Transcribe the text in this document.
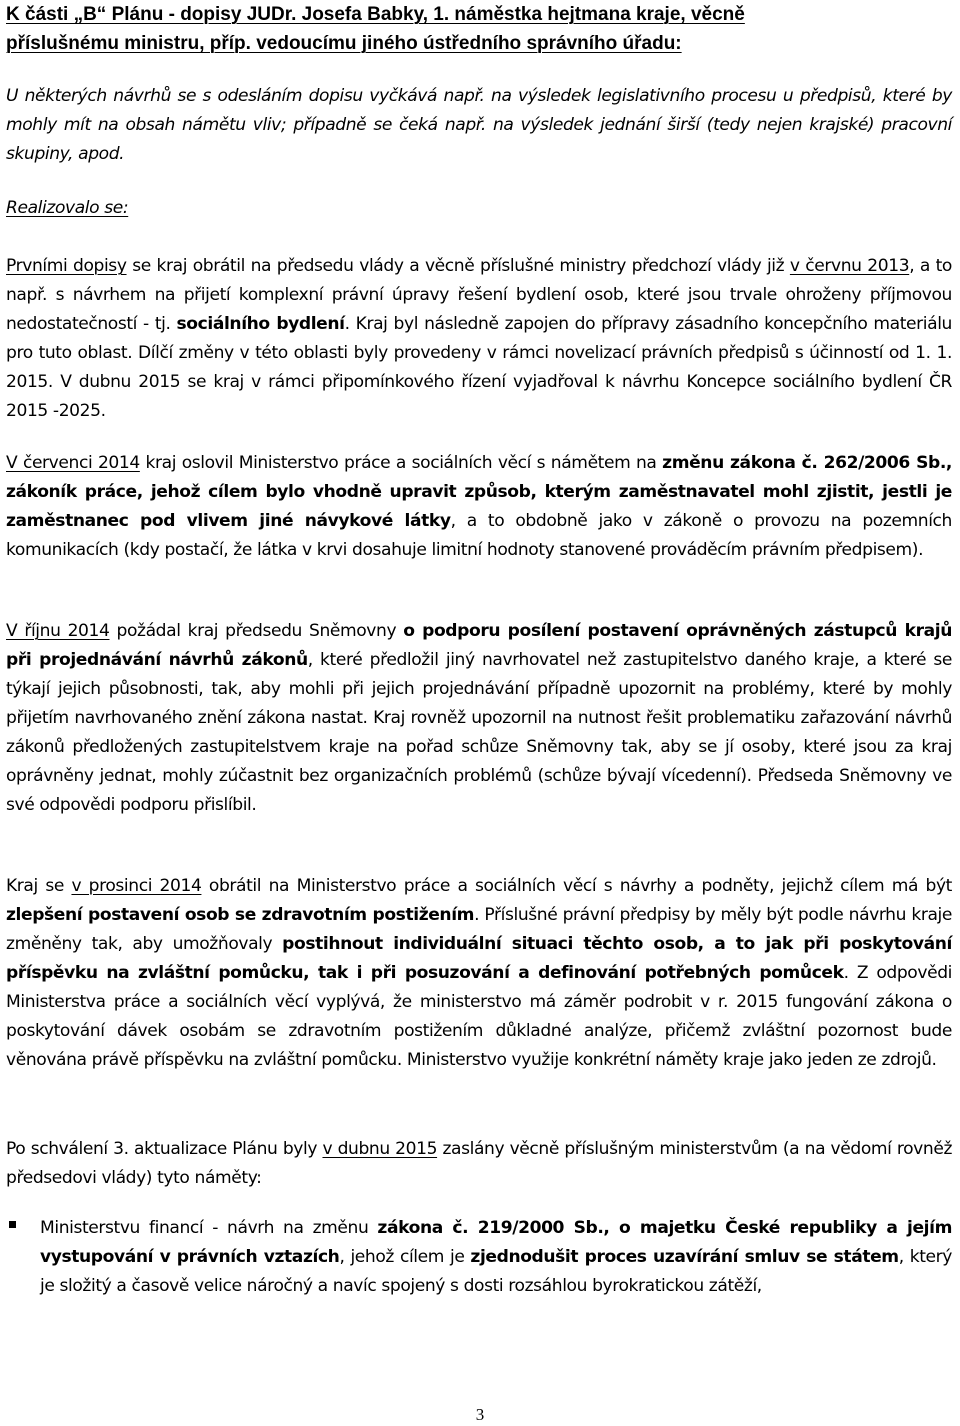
K části „B“ Plánu - dopisy JUDr. Josefa Babky, 1. náměstka hejtmana kraje, věcně
příslušnému ministru, příp. vedoucímu jiného ústředního správního úřadu:
U některých návrhů se s odesláním dopisu vyčkává např. na výsledek legislativního procesu u předpisů, které by mohly mít na obsah námětu vliv; případně se čeká např. na výsledek jednání širší (tedy nejen krajské) pracovní skupiny, apod.
Realizovalo se:
Prvními dopisy se kraj obrátil na předsedu vlády a věcně příslušné ministry předchozí vlády již v červnu 2013, a to např. s návrhem na přijetí komplexní právní úpravy řešení bydlení osob, které jsou trvale ohroženy příjmovou nedostatečností - tj. sociálního bydlení. Kraj byl následně zapojen do přípravy zásadního koncepčního materiálu pro tuto oblast. Dílčí změny v této oblasti byly provedeny v rámci novelizací právních předpisů s účinností od 1. 1. 2015. V dubnu 2015 se kraj v rámci připomínkového řízení vyjadřoval k návrhu Koncepce sociálního bydlení ČR 2015 -2025.
V červenci 2014 kraj oslovil Ministerstvo práce a sociálních věcí s námětem na změnu zákona č. 262/2006 Sb., zákoník práce, jehož cílem bylo vhodně upravit způsob, kterým zaměstnavatel mohl zjistit, jestli je zaměstnanec pod vlivem jiné návykové látky, a to obdobně jako v zákoně o provozu na pozemních komunikacích (kdy postačí, že látka v krvi dosahuje limitní hodnoty stanovené prováděcím právním předpisem).
V říjnu 2014 požádal kraj předsedu Sněmovny o podporu posílení postavení oprávněných zástupců krajů při projednávání návrhů zákonů, které předložil jiný navrhovatel než zastupitelstvo daného kraje, a které se týkají jejich působnosti, tak, aby mohli při jejich projednávání případně upozornit na problémy, které by mohly přijetím navrhovaného znění zákona nastat. Kraj rovněž upozornil na nutnost řešit problematiku zařazování návrhů zákonů předložených zastupitelstvem kraje na pořad schůze Sněmovny tak, aby se jí osoby, které jsou za kraj oprávněny jednat, mohly zúčastnit bez organizačních problémů (schůze bývají vícedenní). Předseda Sněmovny ve své odpovědi podporu přislíbil.
Kraj se v prosinci 2014 obrátil na Ministerstvo práce a sociálních věcí s návrhy a podněty, jejichž cílem má být zlepšení postavení osob se zdravotním postižením. Příslušné právní předpisy by měly být podle návrhu kraje změněny tak, aby umožňovaly postihnout individuální situaci těchto osob, a to jak při poskytování příspěvku na zvláštní pomůcku, tak i při posuzování a definování potřebných pomůcek. Z odpovědi Ministerstva práce a sociálních věcí vyplývá, že ministerstvo má záměr podrobit v r. 2015 fungování zákona o poskytování dávek osobám se zdravotním postižením důkladné analýze, přičemž zvláštní pozornost bude věnována právě příspěvku na zvláštní pomůcku. Ministerstvo využije konkrétní náměty kraje jako jeden ze zdrojů.
Po schválení 3. aktualizace Plánu byly v dubnu 2015 zaslány věcně příslušným ministerstvům (a na vědomí rovněž předsedovi vlády) tyto náměty:
Ministerstvu financí - návrh na změnu zákona č. 219/2000 Sb., o majetku České republiky a jejím vystupování v právních vztazích, jehož cílem je zjednodušit proces uzavírání smluv se státem, který je složitý a časově velice náročný a navíc spojený s dosti rozsáhlou byrokratickou zátěží,
3
